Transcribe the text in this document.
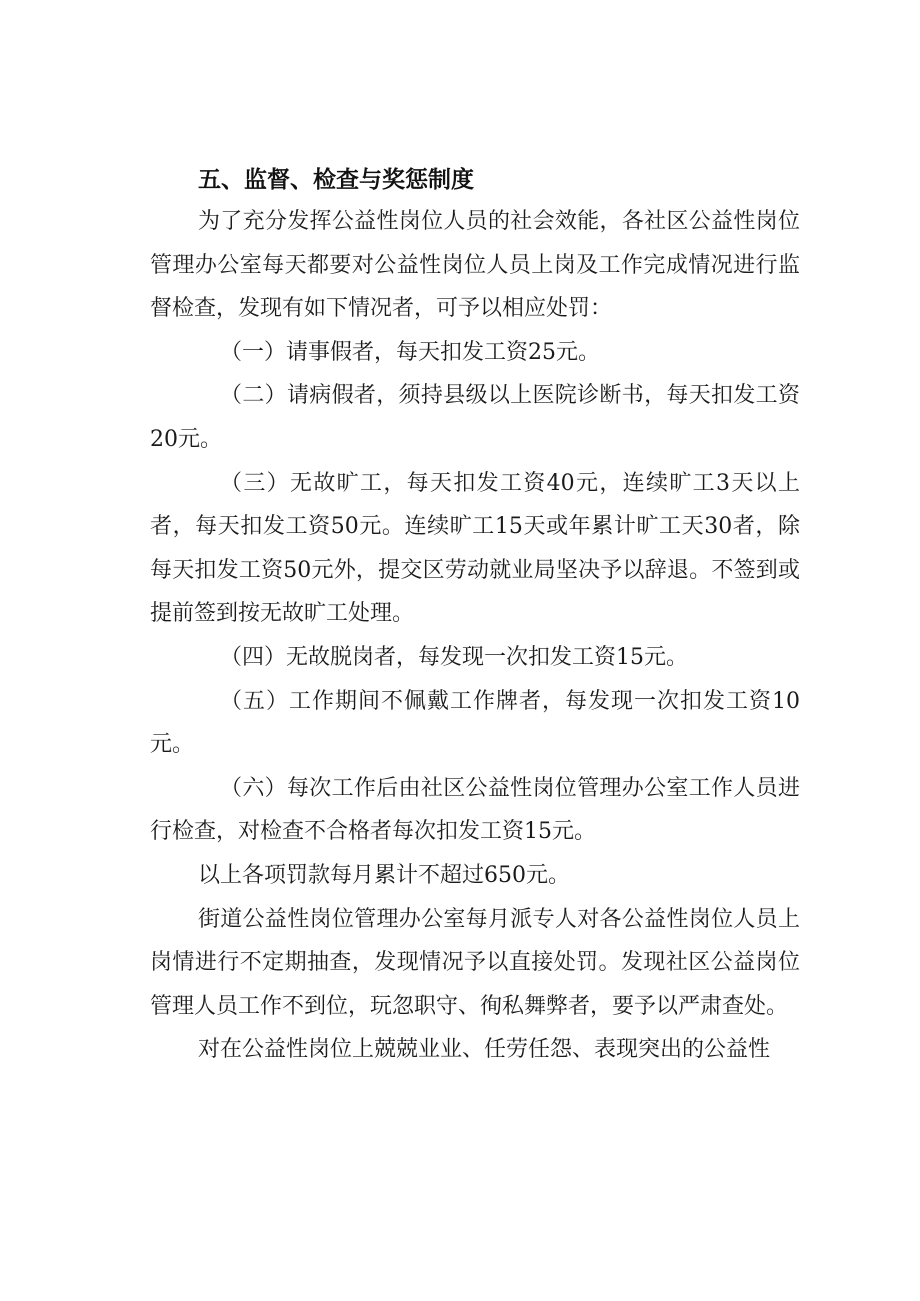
五、监督、检查与奖惩制度

为了充分发挥公益性岗位人员的社会效能，各社区公益性岗位管理办公室每天都要对公益性岗位人员上岗及工作完成情况进行监督检查，发现有如下情况者，可予以相应处罚：

（一）请事假者，每天扣发工资25元。

（二）请病假者，须持县级以上医院诊断书，每天扣发工资20元。

（三）无故旷工，每天扣发工资40元，连续旷工3天以上者，每天扣发工资50元。连续旷工15天或年累计旷工天30者，除每天扣发工资50元外，提交区劳动就业局坚决予以辞退。不签到或提前签到按无故旷工处理。

（四）无故脱岗者，每发现一次扣发工资15元。

（五）工作期间不佩戴工作牌者，每发现一次扣发工资10元。

（六）每次工作后由社区公益性岗位管理办公室工作人员进行检查，对检查不合格者每次扣发工资15元。

以上各项罚款每月累计不超过650元。

街道公益性岗位管理办公室每月派专人对各公益性岗位人员上岗情进行不定期抽查，发现情况予以直接处罚。发现社区公益岗位管理人员工作不到位，玩忽职守、徇私舞弊者，要予以严肃查处。

对在公益性岗位上兢兢业业、任劳任怨、表现突出的公益性
